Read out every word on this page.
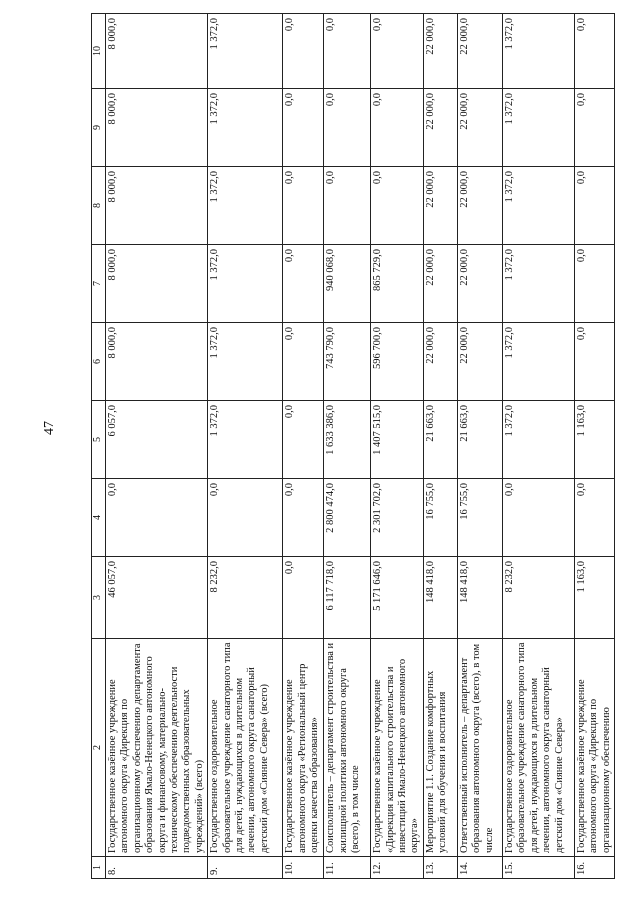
47
1	2	3	4	5	6	7	8	9	10
8.	Государственное казённое учреждение автономного округа «Дирекция по организационному обеспечению департамента образования Ямало-Ненецкого автономного округа и финансовому, материально-техническому обеспечению деятельности подведомственных образовательных учреждений» (всего)	46 057,0	0,0	6 057,0	8 000,0	8 000,0	8 000,0	8 000,0	8 000,0
9.	Государственное оздоровительное образовательное учреждение санаторного типа для детей, нуждающихся в длительном лечении, автономного округа санаторный детский дом «Сияние Севера» (всего)	8 232,0	0,0	1 372,0	1 372,0	1 372,0	1 372,0	1 372,0	1 372,0
10.	Государственное казённое учреждение автономного округа «Региональный центр оценки качества образования»	0,0	0,0	0,0	0,0	0,0	0,0	0,0	0,0
11.	Соисполнитель – департамент строительства и жилищной политики автономного округа (всего), в том числе	6 117 718,0	2 800 474,0	1 633 386,0	743 790,0	940 068,0	0,0	0,0	0,0
12.	Государственное казённое учреждение «Дирекция капитального строительства и инвестиций Ямало-Ненецкого автономного округа»	5 171 646,0	2 301 702,0	1 407 515,0	596 700,0	865 729,0	0,0	0,0	0,0
13.	Мероприятие 1.1. Создание комфортных условий для обучения и воспитания	148 418,0	16 755,0	21 663,0	22 000,0	22 000,0	22 000,0	22 000,0	22 000,0
14.	Ответственный исполнитель – департамент образования автономного округа (всего), в том числе	148 418,0	16 755,0	21 663,0	22 000,0	22 000,0	22 000,0	22 000,0	22 000,0
15.	Государственное оздоровительное образовательное учреждение санаторного типа для детей, нуждающихся в длительном лечении, автономного округа санаторный детский дом «Сияние Севера»	8 232,0	0,0	1 372,0	1 372,0	1 372,0	1 372,0	1 372,0	1 372,0
16.	Государственное казённое учреждение автономного округа «Дирекция по организационному обеспечению	1 163,0	0,0	1 163,0	0,0	0,0	0,0	0,0	0,0
